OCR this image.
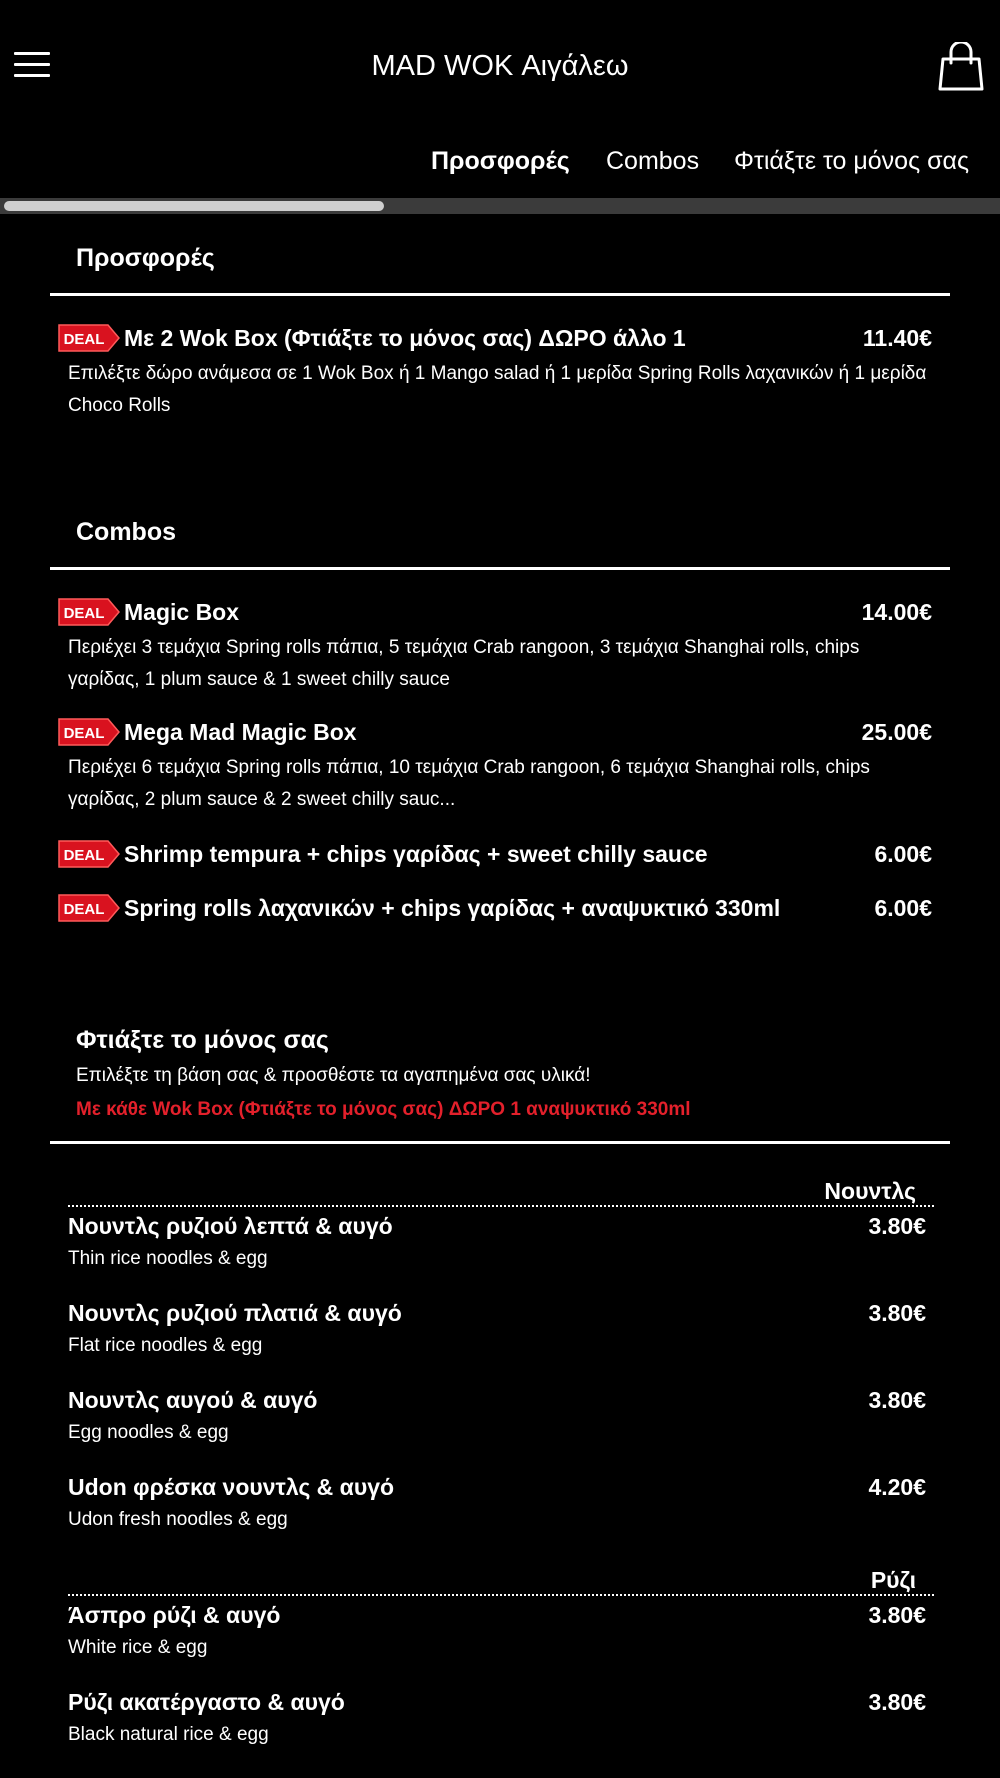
MAD WOK Αιγάλεω
Προσφορές Combos Φτιάξτε το μόνος σας
Προσφορές
DEAL Με 2 Wok Box (Φτιάξτε το μόνος σας) ΔΩΡΟ άλλο 1	11.40€
Επιλέξτε δώρο ανάμεσα σε 1 Wok Box ή 1 Mango salad ή 1 μερίδα Spring Rolls λαχανικών ή 1 μερίδα Choco Rolls
Combos
DEAL Magic Box	14.00€
Περιέχει 3 τεμάχια Spring rolls πάπια, 5 τεμάχια Crab rangoon, 3 τεμάχια Shanghai rolls, chips γαρίδας, 1 plum sauce & 1 sweet chilly sauce
DEAL Mega Mad Magic Box	25.00€
Περιέχει 6 τεμάχια Spring rolls πάπια, 10 τεμάχια Crab rangoon, 6 τεμάχια Shanghai rolls, chips γαρίδας, 2 plum sauce & 2 sweet chilly sauc...
DEAL Shrimp tempura + chips γαρίδας + sweet chilly sauce	6.00€
DEAL Spring rolls λαχανικών + chips γαρίδας + αναψυκτικό 330ml	6.00€
Φτιάξτε το μόνος σας
Επιλέξτε τη βάση σας & προσθέστε τα αγαπημένα σας υλικά!
Με κάθε Wok Box (Φτιάξτε το μόνος σας) ΔΩΡΟ 1 αναψυκτικό 330ml
Νουντλς
Νουντλς ρυζιού λεπτά & αυγό	3.80€
Thin rice noodles & egg
Νουντλς ρυζιού πλατιά & αυγό	3.80€
Flat rice noodles & egg
Νουντλς αυγού & αυγό	3.80€
Egg noodles & egg
Udon φρέσκα νουντλς & αυγό	4.20€
Udon fresh noodles & egg
Ρύζι
Άσπρο ρύζι & αυγό	3.80€
White rice & egg
Ρύζι ακατέργαστο & αυγό	3.80€
Black natural rice & egg
